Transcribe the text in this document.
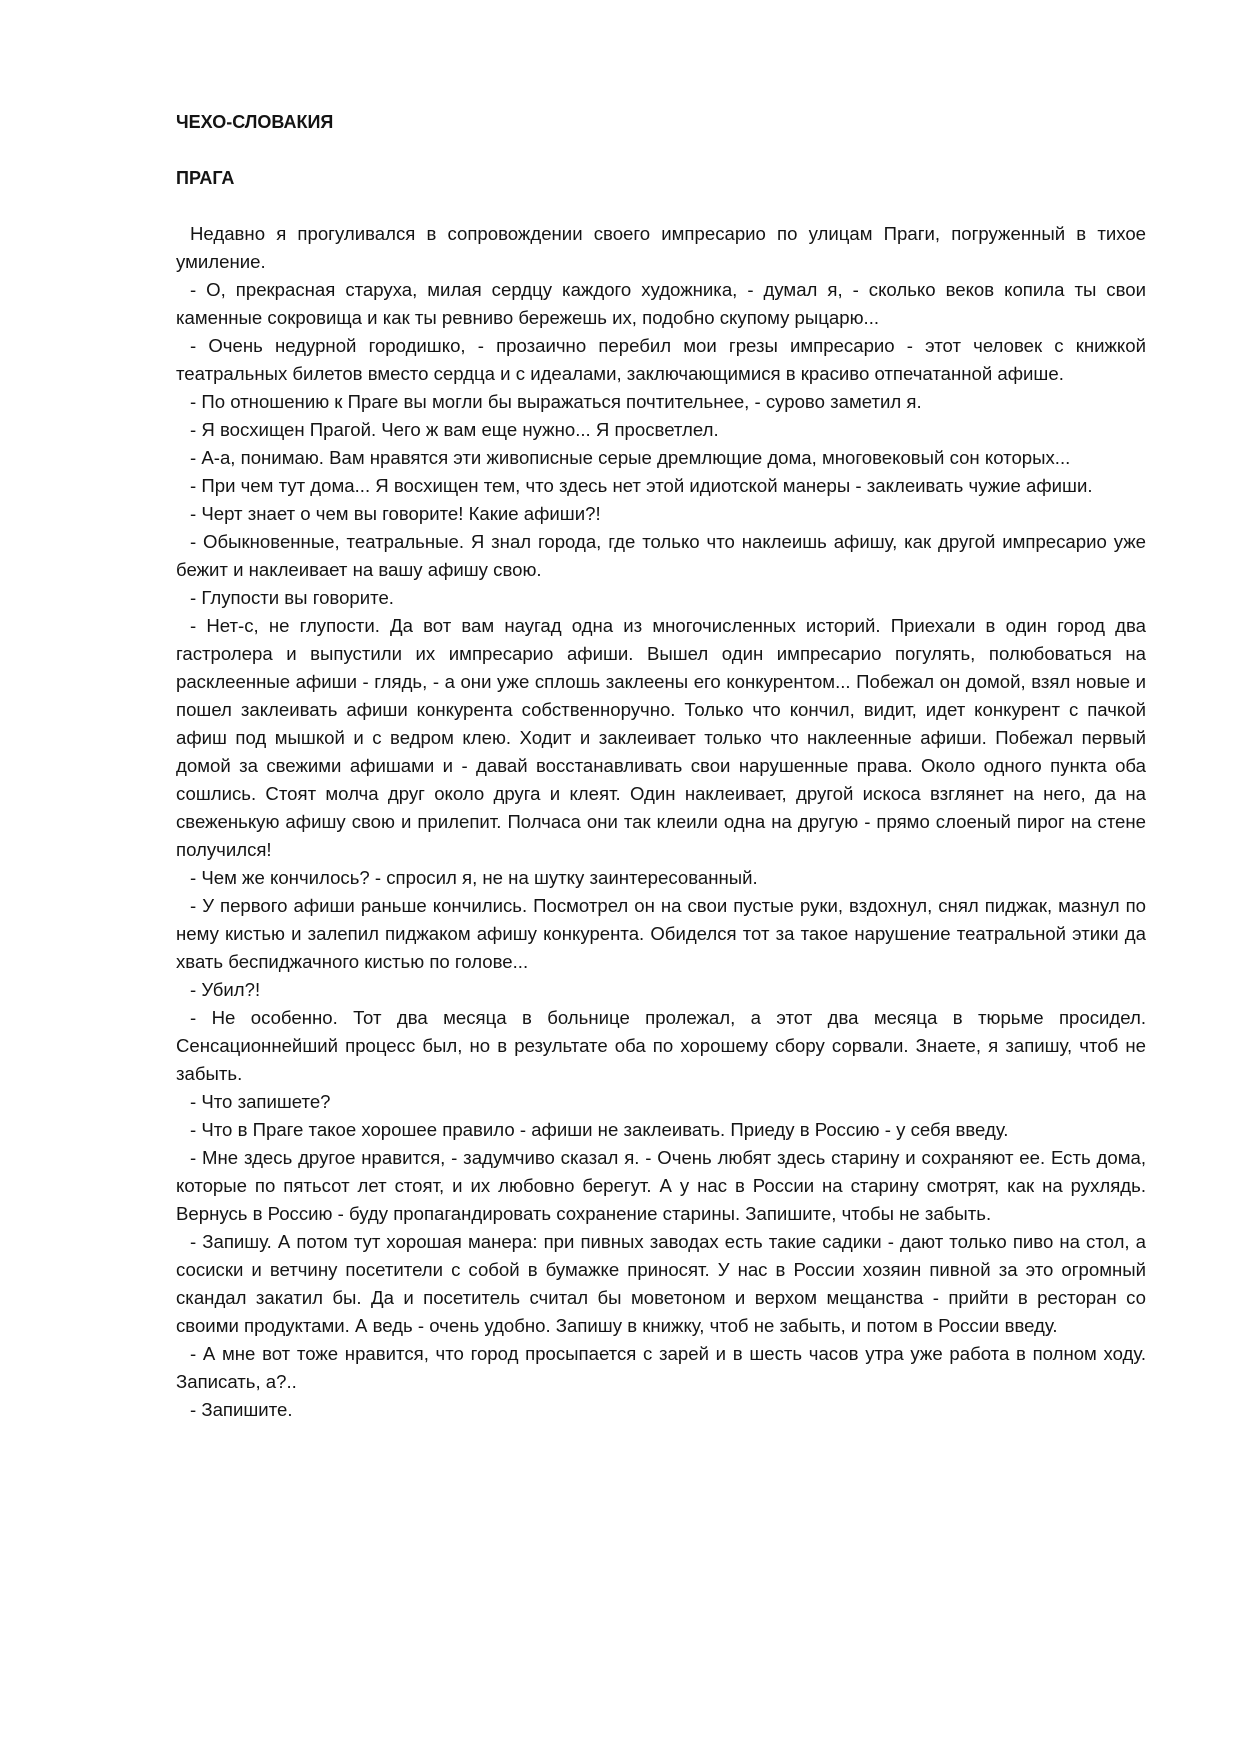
ЧЕХО-СЛОВАКИЯ
ПРАГА

Недавно я прогуливался в сопровождении своего импресарио по улицам Праги, погруженный в тихое умиление.

- О, прекрасная старуха, милая сердцу каждого художника, - думал я, - сколько веков копила ты свои каменные сокровища и как ты ревниво бережешь их, подобно скупому рыцарю...

- Очень недурной городишко, - прозаично перебил мои грезы импресарио - этот человек с книжкой театральных билетов вместо сердца и с идеалами, заключающимися в красиво отпечатанной афише.

- По отношению к Праге вы могли бы выражаться почтительнее, - сурово заметил я.

- Я восхищен Прагой. Чего ж вам еще нужно... Я просветлел.

- А-а, понимаю. Вам нравятся эти живописные серые дремлющие дома, многовековый сон которых...

- При чем тут дома... Я восхищен тем, что здесь нет этой идиотской манеры - заклеивать чужие афиши.

- Черт знает о чем вы говорите! Какие афиши?!

- Обыкновенные, театральные. Я знал города, где только что наклеишь афишу, как другой импресарио уже бежит и наклеивает на вашу афишу свою.

- Глупости вы говорите.

- Нет-с, не глупости. Да вот вам наугад одна из многочисленных историй. Приехали в один город два гастролера и выпустили их импресарио афиши. Вышел один импресарио погулять, полюбоваться на расклеенные афиши - глядь, - а они уже сплошь заклеены его конкурентом... Побежал он домой, взял новые и пошел заклеивать афиши конкурента собственноручно. Только что кончил, видит, идет конкурент с пачкой афиш под мышкой и с ведром клею. Ходит и заклеивает только что наклеенные афиши. Побежал первый домой за свежими афишами и - давай восстанавливать свои нарушенные права. Около одного пункта оба сошлись. Стоят молча друг около друга и клеят. Один наклеивает, другой искоса взглянет на него, да на свеженькую афишу свою и прилепит. Полчаса они так клеили одна на другую - прямо слоеный пирог на стене получился!

- Чем же кончилось? - спросил я, не на шутку заинтересованный.

- У первого афиши раньше кончились. Посмотрел он на свои пустые руки, вздохнул, снял пиджак, мазнул по нему кистью и залепил пиджаком афишу конкурента. Обиделся тот за такое нарушение театральной этики да хвать беспиджачного кистью по голове...

- Убил?!

- Не особенно. Тот два месяца в больнице пролежал, а этот два месяца в тюрьме просидел. Сенсационнейший процесс был, но в результате оба по хорошему сбору сорвали. Знаете, я запишу, чтоб не забыть.

- Что запишете?

- Что в Праге такое хорошее правило - афиши не заклеивать. Приеду в Россию - у себя введу.

- Мне здесь другое нравится, - задумчиво сказал я. - Очень любят здесь старину и сохраняют ее. Есть дома, которые по пятьсот лет стоят, и их любовно берегут. А у нас в России на старину смотрят, как на рухлядь. Вернусь в Россию - буду пропагандировать сохранение старины. Запишите, чтобы не забыть.

- Запишу. А потом тут хорошая манера: при пивных заводах есть такие садики - дают только пиво на стол, а сосиски и ветчину посетители с собой в бумажке приносят. У нас в России хозяин пивной за это огромный скандал закатил бы. Да и посетитель считал бы моветоном и верхом мещанства - прийти в ресторан со своими продуктами. А ведь - очень удобно. Запишу в книжку, чтоб не забыть, и потом в России введу.

- А мне вот тоже нравится, что город просыпается с зарей и в шесть часов утра уже работа в полном ходу. Записать, а?..

- Запишите.
